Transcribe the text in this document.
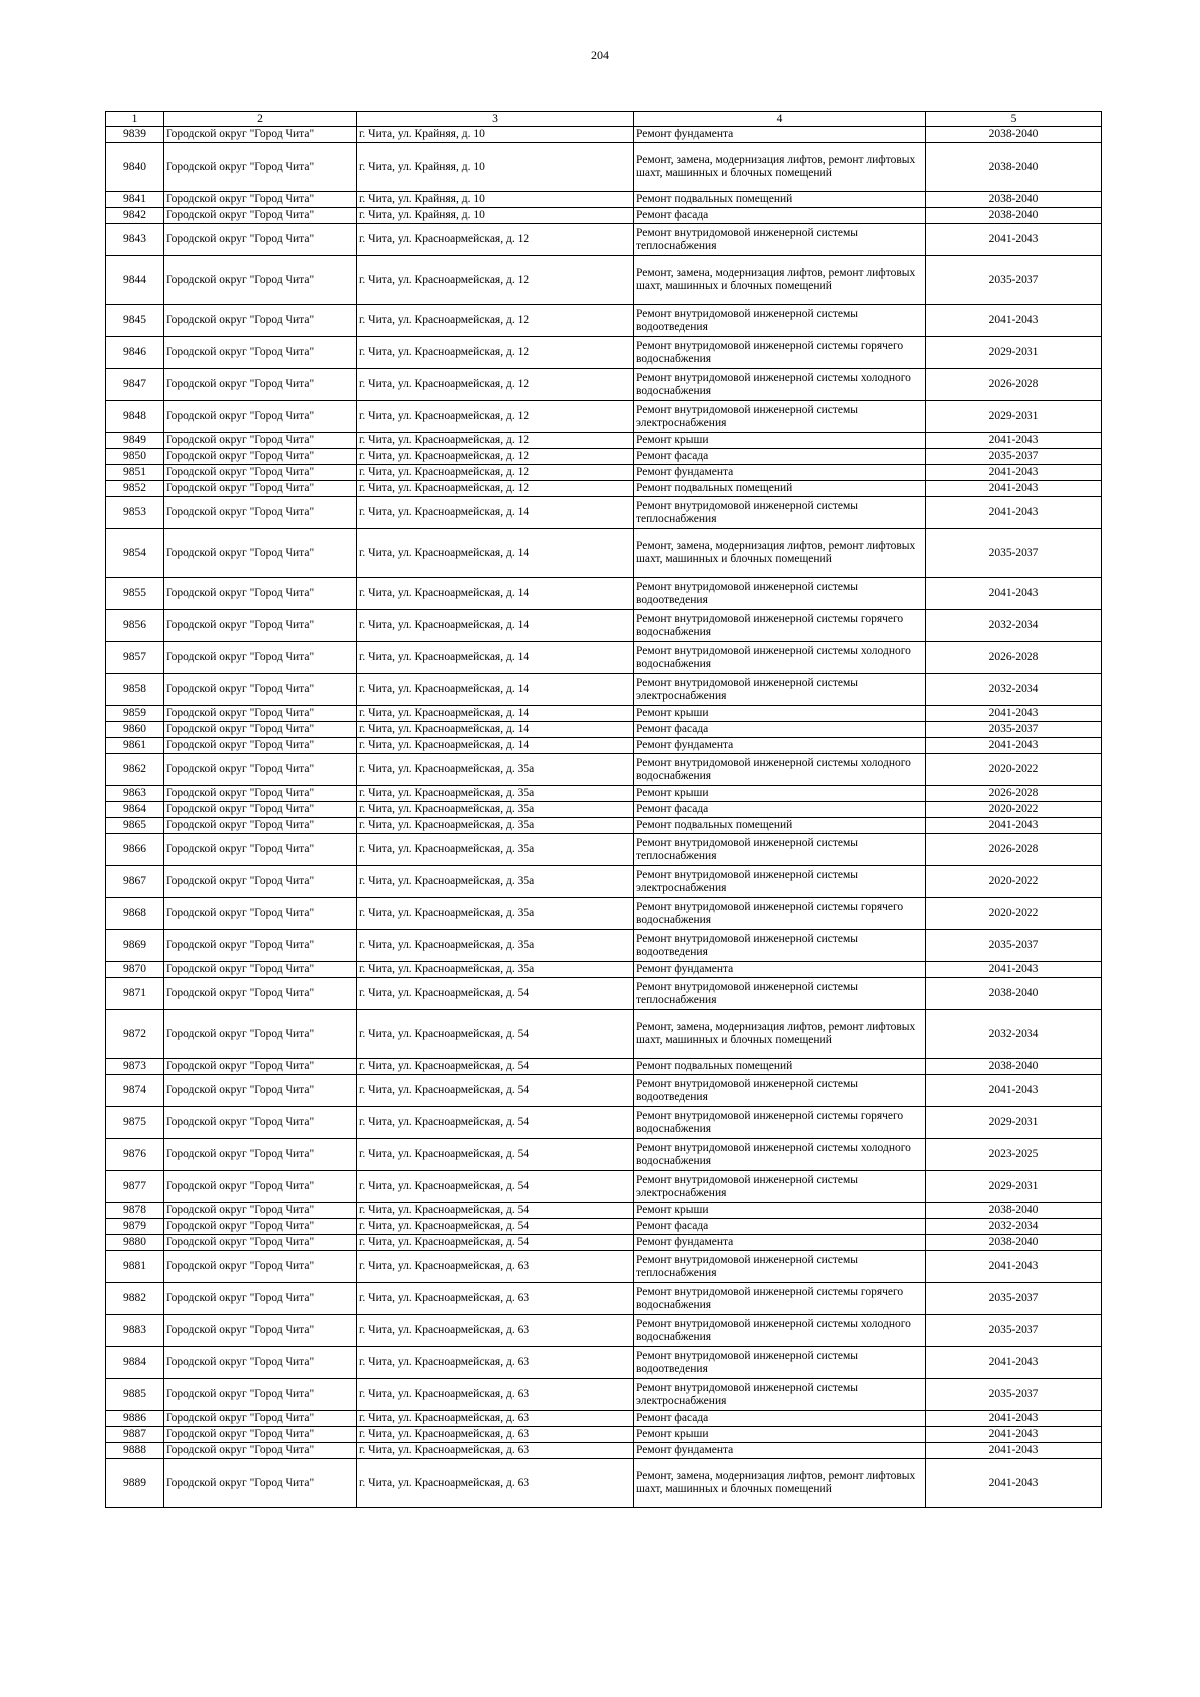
204
1	2	3	4	5
9839	Городской округ "Город Чита"	г. Чита, ул. Крайняя, д. 10	Ремонт фундамента	2038-2040
9840	Городской округ "Город Чита"	г. Чита, ул. Крайняя, д. 10	Ремонт, замена, модернизация лифтов, ремонт лифтовых шахт, машинных и блочных помещений	2038-2040
9841	Городской округ "Город Чита"	г. Чита, ул. Крайняя, д. 10	Ремонт подвальных помещений	2038-2040
9842	Городской округ "Город Чита"	г. Чита, ул. Крайняя, д. 10	Ремонт фасада	2038-2040
9843	Городской округ "Город Чита"	г. Чита, ул. Красноармейская, д. 12	Ремонт внутридомовой инженерной системы теплоснабжения	2041-2043
9844	Городской округ "Город Чита"	г. Чита, ул. Красноармейская, д. 12	Ремонт, замена, модернизация лифтов, ремонт лифтовых шахт, машинных и блочных помещений	2035-2037
9845	Городской округ "Город Чита"	г. Чита, ул. Красноармейская, д. 12	Ремонт внутридомовой инженерной системы водоотведения	2041-2043
9846	Городской округ "Город Чита"	г. Чита, ул. Красноармейская, д. 12	Ремонт внутридомовой инженерной системы горячего водоснабжения	2029-2031
9847	Городской округ "Город Чита"	г. Чита, ул. Красноармейская, д. 12	Ремонт внутридомовой инженерной системы холодного водоснабжения	2026-2028
9848	Городской округ "Город Чита"	г. Чита, ул. Красноармейская, д. 12	Ремонт внутридомовой инженерной системы электроснабжения	2029-2031
9849	Городской округ "Город Чита"	г. Чита, ул. Красноармейская, д. 12	Ремонт крыши	2041-2043
9850	Городской округ "Город Чита"	г. Чита, ул. Красноармейская, д. 12	Ремонт фасада	2035-2037
9851	Городской округ "Город Чита"	г. Чита, ул. Красноармейская, д. 12	Ремонт фундамента	2041-2043
9852	Городской округ "Город Чита"	г. Чита, ул. Красноармейская, д. 12	Ремонт подвальных помещений	2041-2043
9853	Городской округ "Город Чита"	г. Чита, ул. Красноармейская, д. 14	Ремонт внутридомовой инженерной системы теплоснабжения	2041-2043
9854	Городской округ "Город Чита"	г. Чита, ул. Красноармейская, д. 14	Ремонт, замена, модернизация лифтов, ремонт лифтовых шахт, машинных и блочных помещений	2035-2037
9855	Городской округ "Город Чита"	г. Чита, ул. Красноармейская, д. 14	Ремонт внутридомовой инженерной системы водоотведения	2041-2043
9856	Городской округ "Город Чита"	г. Чита, ул. Красноармейская, д. 14	Ремонт внутридомовой инженерной системы горячего водоснабжения	2032-2034
9857	Городской округ "Город Чита"	г. Чита, ул. Красноармейская, д. 14	Ремонт внутридомовой инженерной системы холодного водоснабжения	2026-2028
9858	Городской округ "Город Чита"	г. Чита, ул. Красноармейская, д. 14	Ремонт внутридомовой инженерной системы электроснабжения	2032-2034
9859	Городской округ "Город Чита"	г. Чита, ул. Красноармейская, д. 14	Ремонт крыши	2041-2043
9860	Городской округ "Город Чита"	г. Чита, ул. Красноармейская, д. 14	Ремонт фасада	2035-2037
9861	Городской округ "Город Чита"	г. Чита, ул. Красноармейская, д. 14	Ремонт фундамента	2041-2043
9862	Городской округ "Город Чита"	г. Чита, ул. Красноармейская, д. 35а	Ремонт внутридомовой инженерной системы холодного водоснабжения	2020-2022
9863	Городской округ "Город Чита"	г. Чита, ул. Красноармейская, д. 35а	Ремонт крыши	2026-2028
9864	Городской округ "Город Чита"	г. Чита, ул. Красноармейская, д. 35а	Ремонт фасада	2020-2022
9865	Городской округ "Город Чита"	г. Чита, ул. Красноармейская, д. 35а	Ремонт подвальных помещений	2041-2043
9866	Городской округ "Город Чита"	г. Чита, ул. Красноармейская, д. 35а	Ремонт внутридомовой инженерной системы теплоснабжения	2026-2028
9867	Городской округ "Город Чита"	г. Чита, ул. Красноармейская, д. 35а	Ремонт внутридомовой инженерной системы электроснабжения	2020-2022
9868	Городской округ "Город Чита"	г. Чита, ул. Красноармейская, д. 35а	Ремонт внутридомовой инженерной системы горячего водоснабжения	2020-2022
9869	Городской округ "Город Чита"	г. Чита, ул. Красноармейская, д. 35а	Ремонт внутридомовой инженерной системы водоотведения	2035-2037
9870	Городской округ "Город Чита"	г. Чита, ул. Красноармейская, д. 35а	Ремонт фундамента	2041-2043
9871	Городской округ "Город Чита"	г. Чита, ул. Красноармейская, д. 54	Ремонт внутридомовой инженерной системы теплоснабжения	2038-2040
9872	Городской округ "Город Чита"	г. Чита, ул. Красноармейская, д. 54	Ремонт, замена, модернизация лифтов, ремонт лифтовых шахт, машинных и блочных помещений	2032-2034
9873	Городской округ "Город Чита"	г. Чита, ул. Красноармейская, д. 54	Ремонт подвальных помещений	2038-2040
9874	Городской округ "Город Чита"	г. Чита, ул. Красноармейская, д. 54	Ремонт внутридомовой инженерной системы водоотведения	2041-2043
9875	Городской округ "Город Чита"	г. Чита, ул. Красноармейская, д. 54	Ремонт внутридомовой инженерной системы горячего водоснабжения	2029-2031
9876	Городской округ "Город Чита"	г. Чита, ул. Красноармейская, д. 54	Ремонт внутридомовой инженерной системы холодного водоснабжения	2023-2025
9877	Городской округ "Город Чита"	г. Чита, ул. Красноармейская, д. 54	Ремонт внутридомовой инженерной системы электроснабжения	2029-2031
9878	Городской округ "Город Чита"	г. Чита, ул. Красноармейская, д. 54	Ремонт крыши	2038-2040
9879	Городской округ "Город Чита"	г. Чита, ул. Красноармейская, д. 54	Ремонт фасада	2032-2034
9880	Городской округ "Город Чита"	г. Чита, ул. Красноармейская, д. 54	Ремонт фундамента	2038-2040
9881	Городской округ "Город Чита"	г. Чита, ул. Красноармейская, д. 63	Ремонт внутридомовой инженерной системы теплоснабжения	2041-2043
9882	Городской округ "Город Чита"	г. Чита, ул. Красноармейская, д. 63	Ремонт внутридомовой инженерной системы горячего водоснабжения	2035-2037
9883	Городской округ "Город Чита"	г. Чита, ул. Красноармейская, д. 63	Ремонт внутридомовой инженерной системы холодного водоснабжения	2035-2037
9884	Городской округ "Город Чита"	г. Чита, ул. Красноармейская, д. 63	Ремонт внутридомовой инженерной системы водоотведения	2041-2043
9885	Городской округ "Город Чита"	г. Чита, ул. Красноармейская, д. 63	Ремонт внутридомовой инженерной системы электроснабжения	2035-2037
9886	Городской округ "Город Чита"	г. Чита, ул. Красноармейская, д. 63	Ремонт фасада	2041-2043
9887	Городской округ "Город Чита"	г. Чита, ул. Красноармейская, д. 63	Ремонт крыши	2041-2043
9888	Городской округ "Город Чита"	г. Чита, ул. Красноармейская, д. 63	Ремонт фундамента	2041-2043
9889	Городской округ "Город Чита"	г. Чита, ул. Красноармейская, д. 63	Ремонт, замена, модернизация лифтов, ремонт лифтовых шахт, машинных и блочных помещений	2041-2043
